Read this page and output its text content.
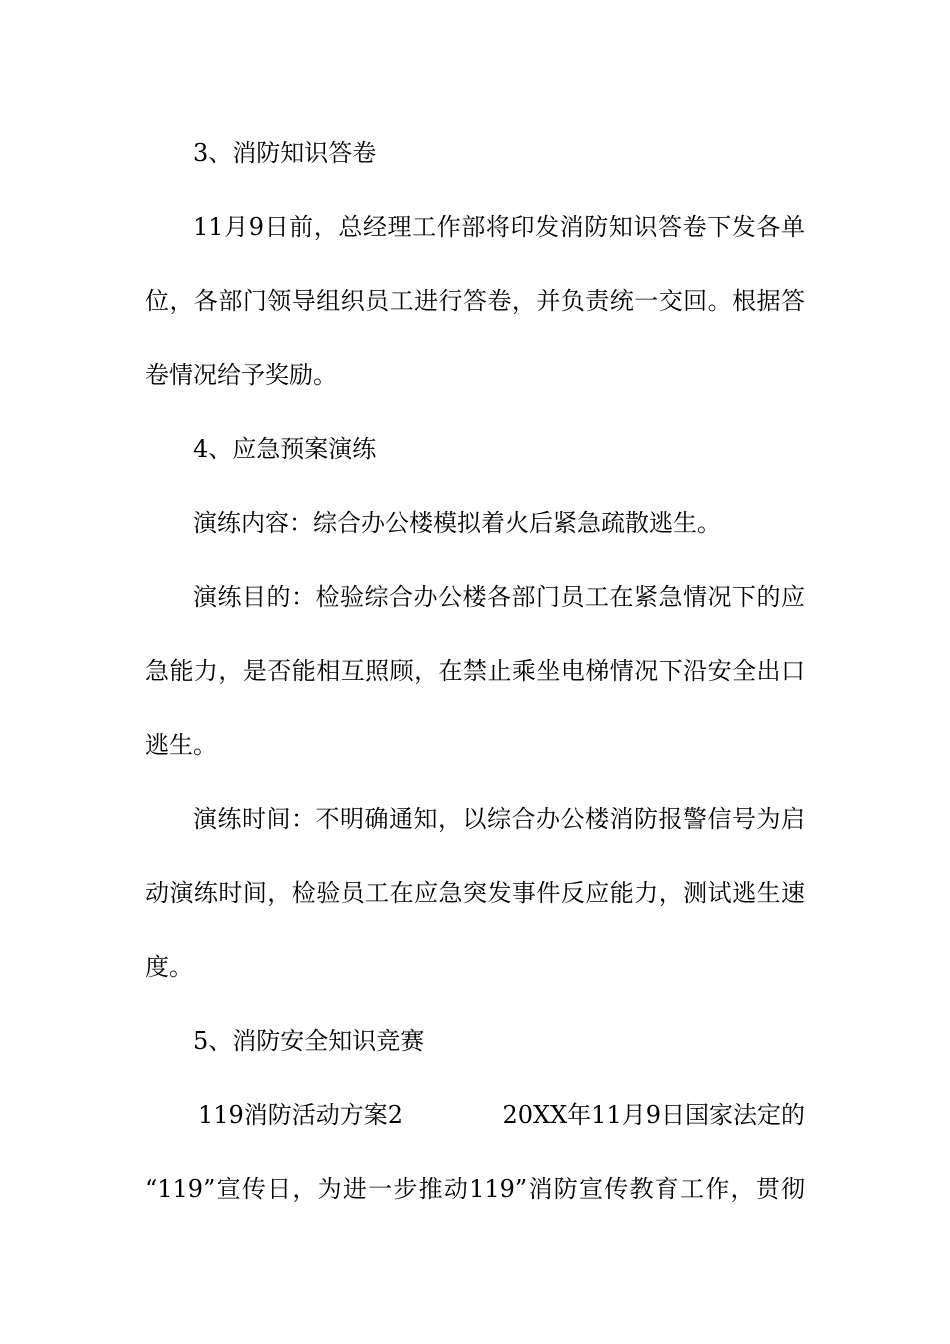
3、消防知识答卷
11月9日前，总经理工作部将印发消防知识答卷下发各单
位，各部门领导组织员工进行答卷，并负责统一交回。根据答
卷情况给予奖励。
4、应急预案演练
演练内容：综合办公楼模拟着火后紧急疏散逃生。
演练目的：检验综合办公楼各部门员工在紧急情况下的应
急能力，是否能相互照顾，在禁止乘坐电梯情况下沿安全出口
逃生。
演练时间：不明确通知，以综合办公楼消防报警信号为启
动演练时间，检验员工在应急突发事件反应能力，测试逃生速
度。
5、消防安全知识竞赛
119消防活动方案2	20XX年11月9日国家法定的
“119”宣传日，为进一步推动119”消防宣传教育工作，贯彻
